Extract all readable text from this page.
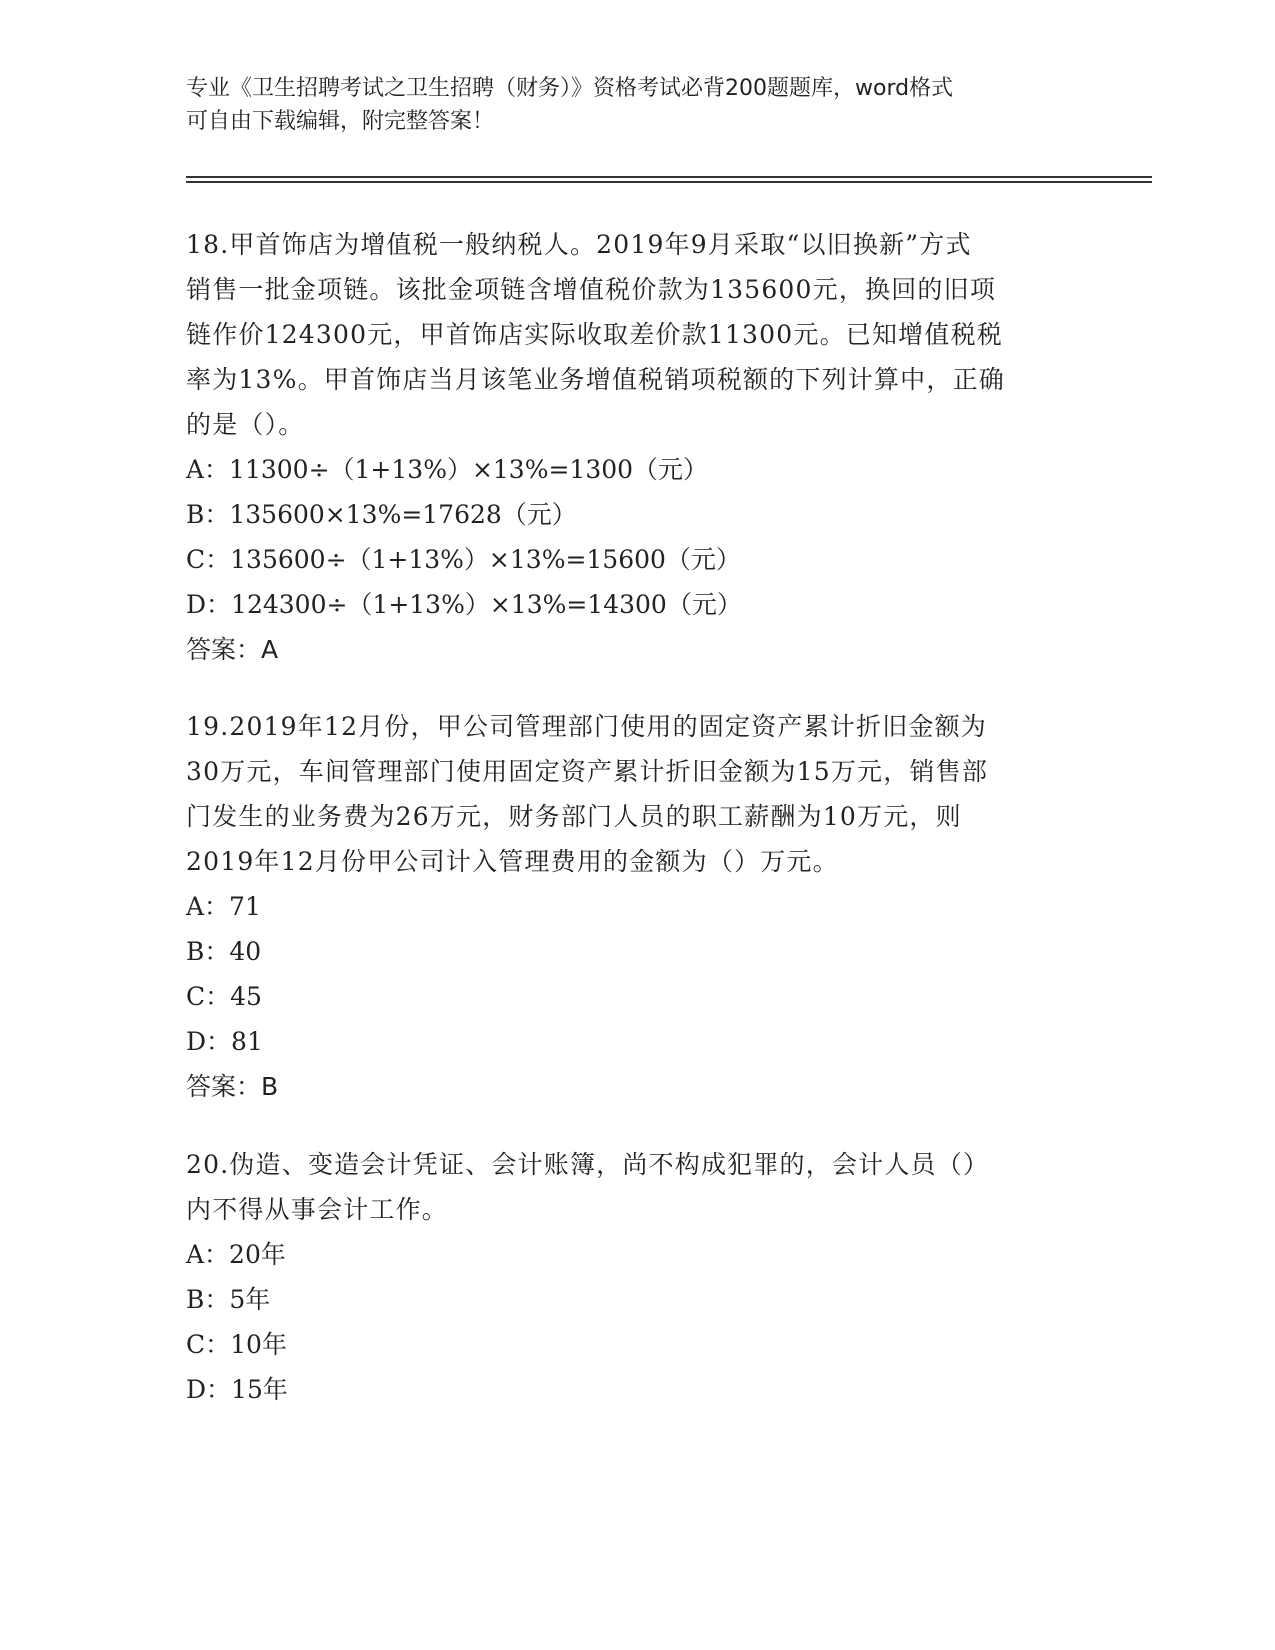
专业《卫生招聘考试之卫生招聘（财务）》资格考试必背200题题库，word格式
可自由下载编辑，附完整答案！
18.甲首饰店为增值税一般纳税人。2019年9月采取“以旧换新”方式
销售一批金项链。该批金项链含增值税价款为135600元，换回的旧项
链作价124300元，甲首饰店实际收取差价款11300元。已知增值税税
率为13%。甲首饰店当月该笔业务增值税销项税额的下列计算中，正确
的是（）。
A：11300÷（1+13%）×13%=1300（元）
B：135600×13%=17628（元）
C：135600÷（1+13%）×13%=15600（元）
D：124300÷（1+13%）×13%=14300（元）
答案：A
19.2019年12月份，甲公司管理部门使用的固定资产累计折旧金额为
30万元，车间管理部门使用固定资产累计折旧金额为15万元，销售部
门发生的业务费为26万元，财务部门人员的职工薪酬为10万元，则
2019年12月份甲公司计入管理费用的金额为（）万元。
A：71
B：40
C：45
D：81
答案：B
20.伪造、变造会计凭证、会计账簿，尚不构成犯罪的，会计人员（）
内不得从事会计工作。
A：20年
B：5年
C：10年
D：15年
